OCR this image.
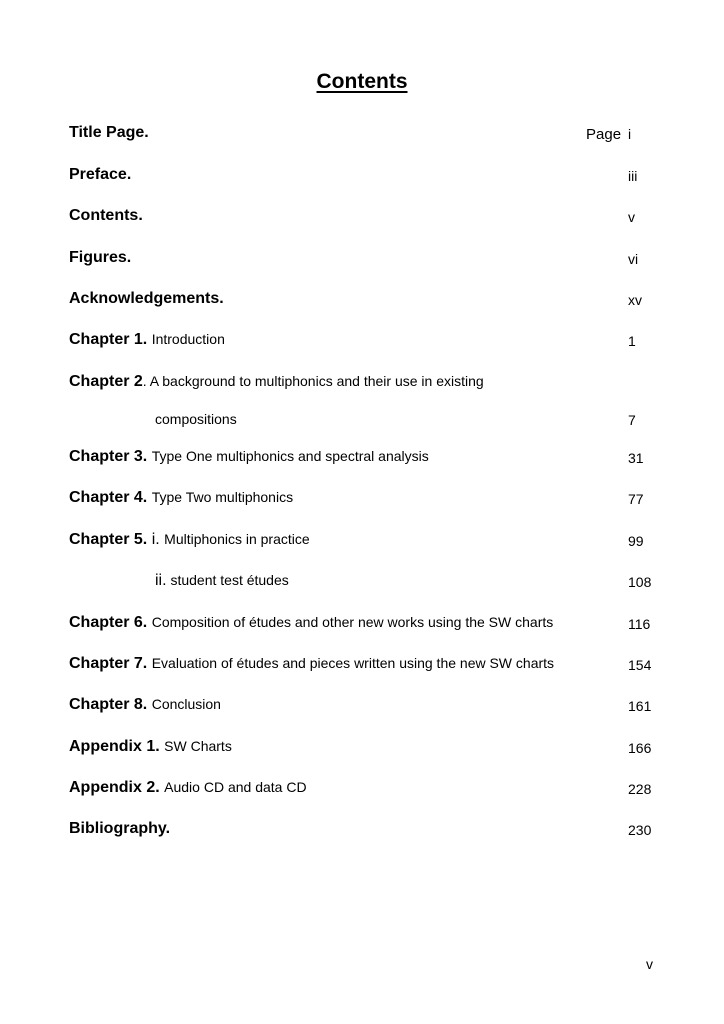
Contents
Page
Title Page.	i
Preface.	iii
Contents.	v
Figures.	vi
Acknowledgements.	xv
Chapter 1. Introduction	1
Chapter 2. A background to multiphonics and their use in existing
compositions	7
Chapter 3. Type One multiphonics and spectral analysis	31
Chapter 4. Type Two multiphonics	77
Chapter 5. i. Multiphonics in practice	99
ii. student test études	108
Chapter 6. Composition of études and other new works using the SW charts	116
Chapter 7. Evaluation of études and pieces written using the new SW charts	154
Chapter 8. Conclusion	161
Appendix 1. SW Charts	166
Appendix 2. Audio CD and data CD	228
Bibliography.	230
v
